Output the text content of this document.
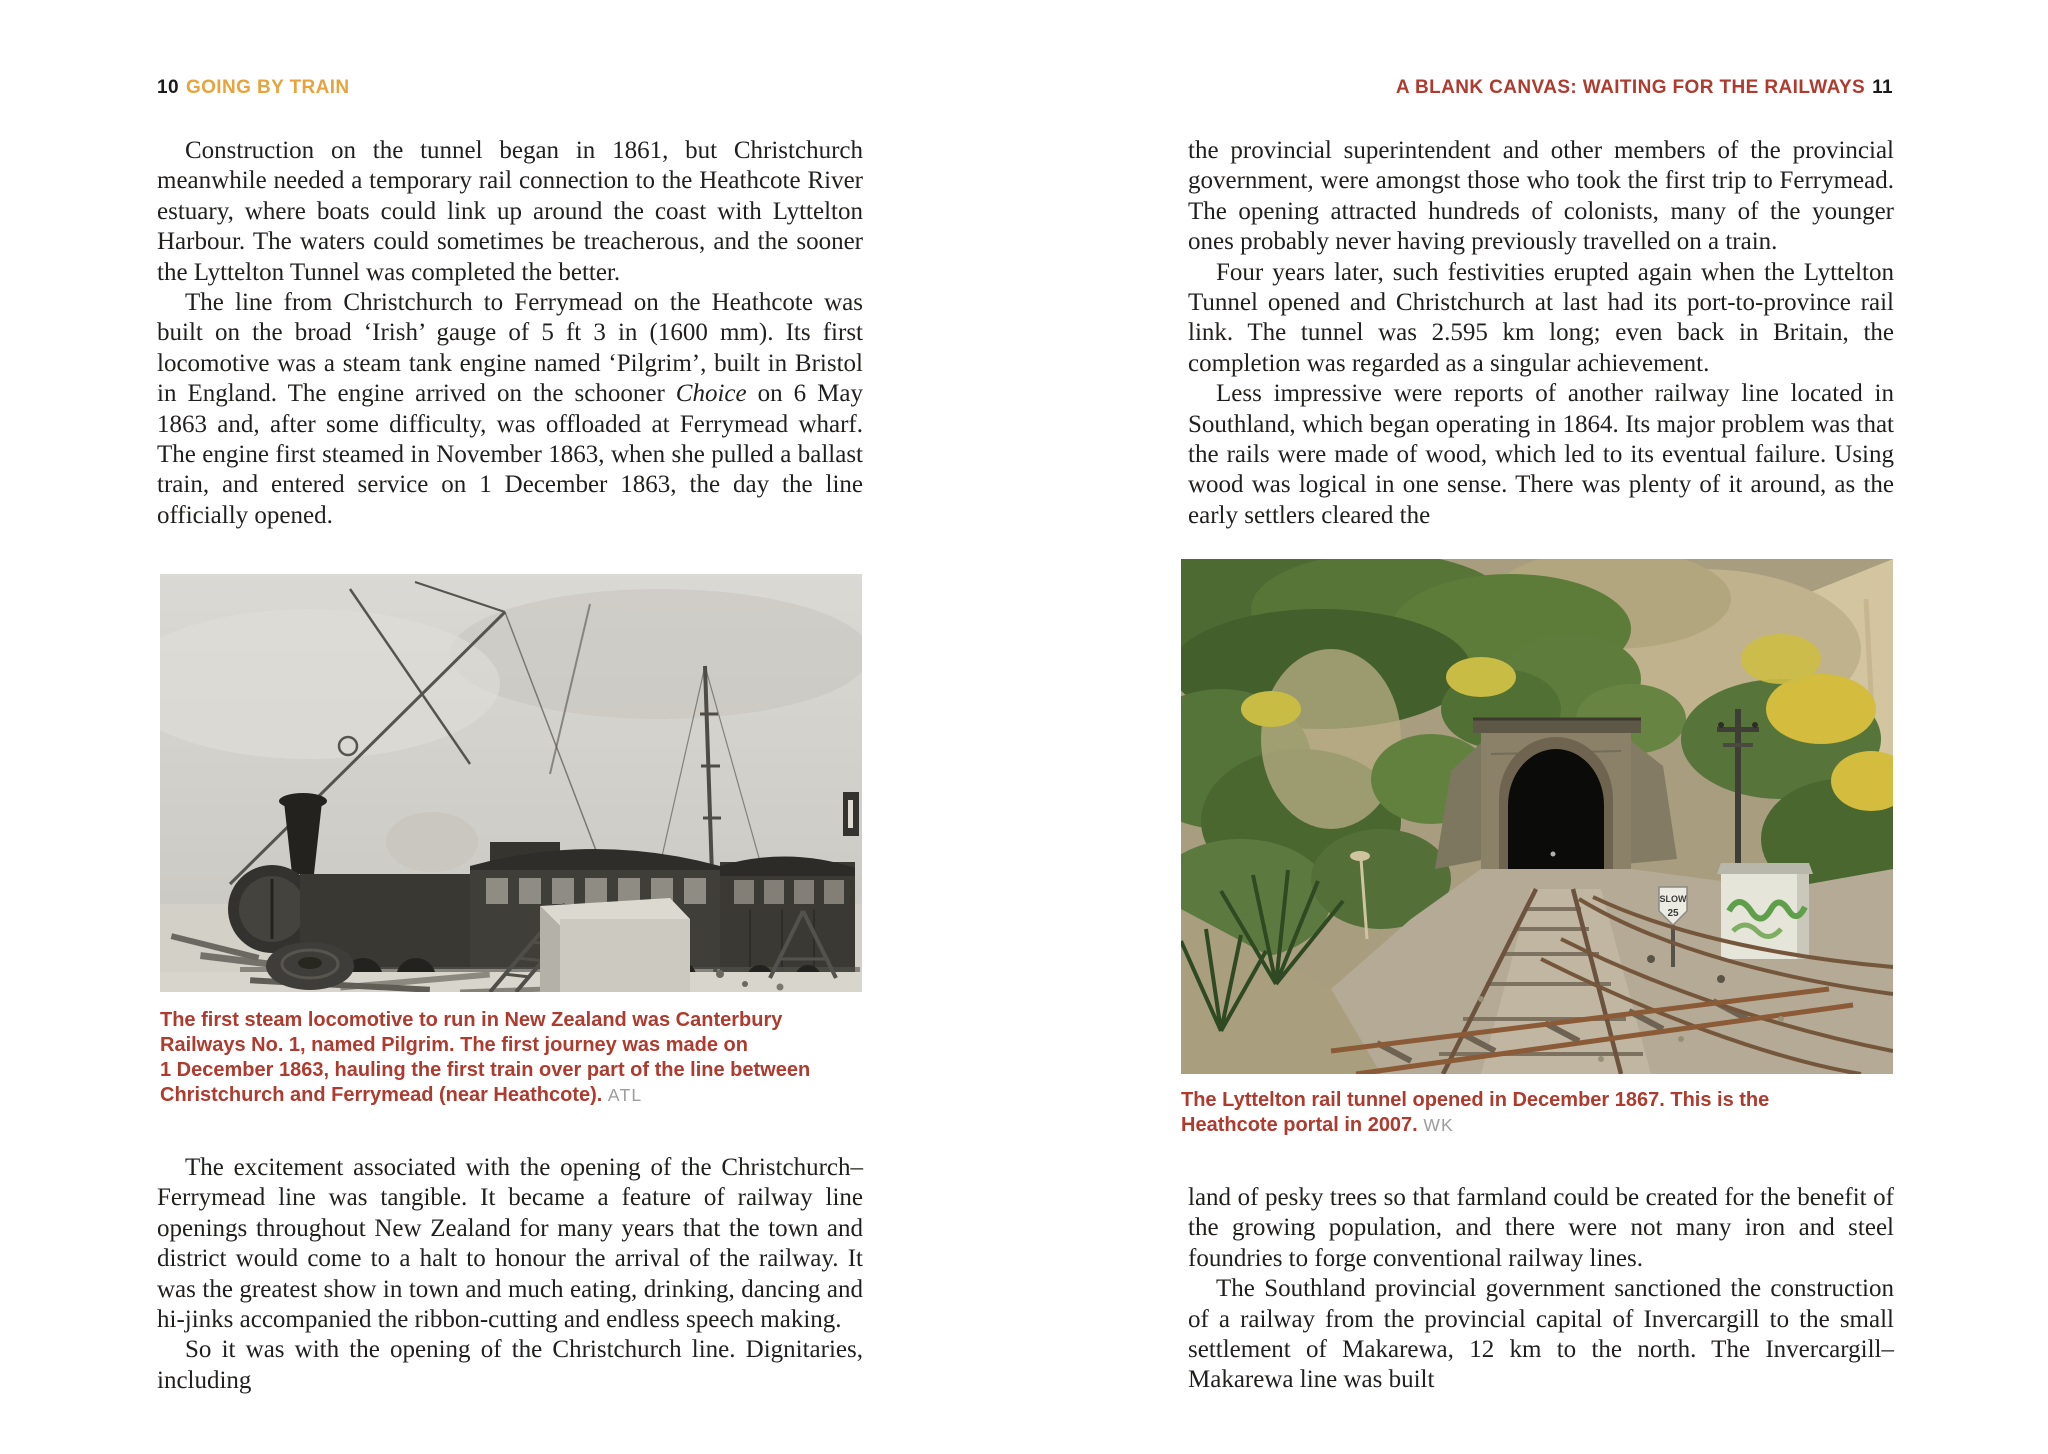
10 GOING BY TRAIN

Construction on the tunnel began in 1861, but Christchurch meanwhile needed a temporary rail connection to the Heathcote River estuary, where boats could link up around the coast with Lyttelton Harbour. The waters could sometimes be treacherous, and the sooner the Lyttelton Tunnel was completed the better.

The line from Christchurch to Ferrymead on the Heathcote was built on the broad ‘Irish’ gauge of 5 ft 3 in (1600 mm). Its first locomotive was a steam tank engine named ‘Pilgrim’, built in Bristol in England. The engine arrived on the schooner Choice on 6 May 1863 and, after some difficulty, was offloaded at Ferrymead wharf. The engine first steamed in November 1863, when she pulled a ballast train, and entered service on 1 December 1863, the day the line officially opened.

The first steam locomotive to run in New Zealand was Canterbury
Railways No. 1, named Pilgrim. The first journey was made on
1 December 1863, hauling the first train over part of the line between
Christchurch and Ferrymead (near Heathcote). ATL

The excitement associated with the opening of the Christchurch–Ferrymead line was tangible. It became a feature of railway line openings throughout New Zealand for many years that the town and district would come to a halt to honour the arrival of the railway. It was the greatest show in town and much eating, drinking, dancing and hi-jinks accompanied the ribbon-cutting and endless speech making.

So it was with the opening of the Christchurch line. Dignitaries, including

A BLANK CANVAS: WAITING FOR THE RAILWAYS 11

the provincial superintendent and other members of the provincial government, were amongst those who took the first trip to Ferrymead. The opening attracted hundreds of colonists, many of the younger ones probably never having previously travelled on a train.

Four years later, such festivities erupted again when the Lyttelton Tunnel opened and Christchurch at last had its port-to-province rail link. The tunnel was 2.595 km long; even back in Britain, the completion was regarded as a singular achievement.

Less impressive were reports of another railway line located in Southland, which began operating in 1864. Its major problem was that the rails were made of wood, which led to its eventual failure. Using wood was logical in one sense. There was plenty of it around, as the early settlers cleared the

SLOW
25
The Lyttelton rail tunnel opened in December 1867. This is the
Heathcote portal in 2007. WK

land of pesky trees so that farmland could be created for the benefit of the growing population, and there were not many iron and steel foundries to forge conventional railway lines.

The Southland provincial government sanctioned the construction of a railway from the provincial capital of Invercargill to the small settlement of Makarewa, 12 km to the north. The Invercargill–Makarewa line was built
